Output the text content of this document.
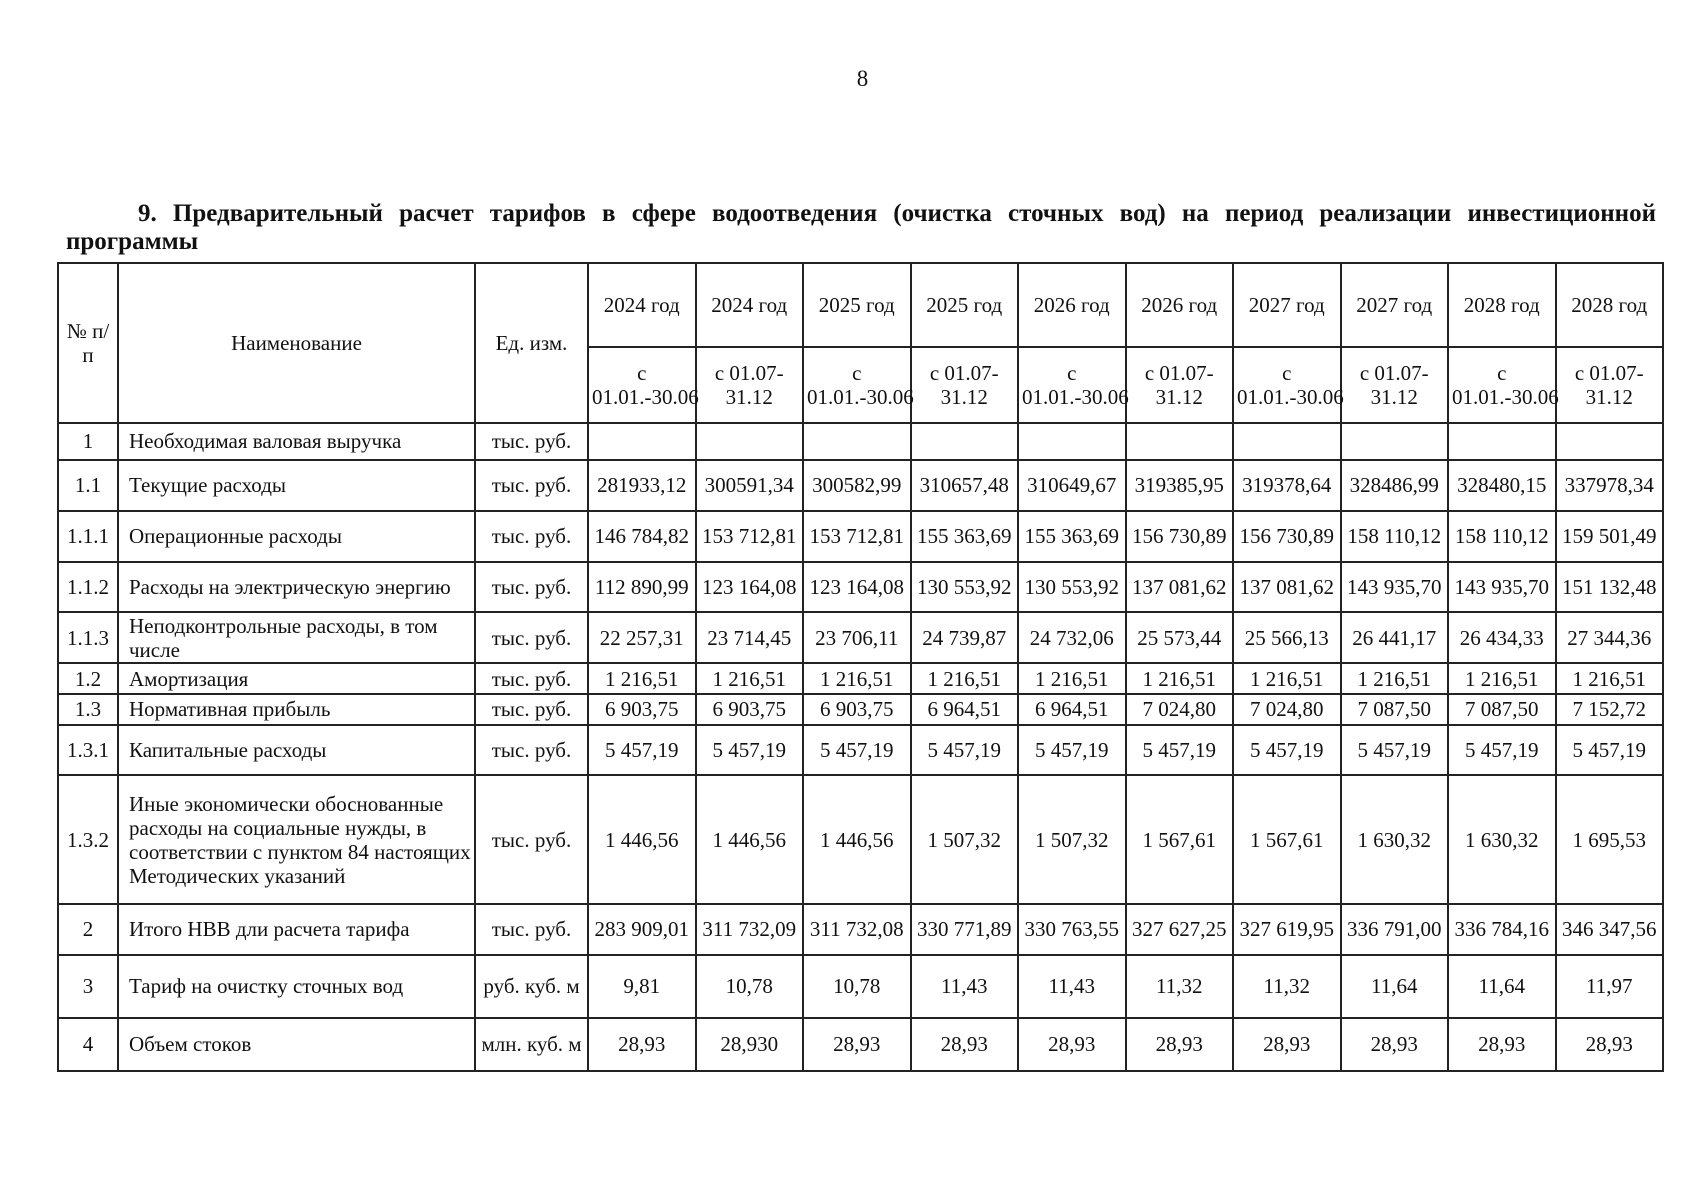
8
9. Предварительный расчет тарифов в сфере водоотведения (очистка сточных вод) на период реализации инвестиционной программы
№ п/п	Наименование	Ед. изм.	2024 год	2024 год	2025 год	2025 год	2026 год	2026 год	2027 год	2027 год	2028 год	2028 год
			с 01.01.-30.06	с 01.07-31.12	с 01.01.-30.06	с 01.07-31.12	с 01.01.-30.06	с 01.07-31.12	с 01.01.-30.06	с 01.07-31.12	с 01.01.-30.06	с 01.07-31.12
1	Необходимая валовая выручка	тыс. руб.										
1.1	Текущие расходы	тыс. руб.	281933,12	300591,34	300582,99	310657,48	310649,67	319385,95	319378,64	328486,99	328480,15	337978,34
1.1.1	Операционные расходы	тыс. руб.	146 784,82	153 712,81	153 712,81	155 363,69	155 363,69	156 730,89	156 730,89	158 110,12	158 110,12	159 501,49
1.1.2	Расходы на электрическую энергию	тыс. руб.	112 890,99	123 164,08	123 164,08	130 553,92	130 553,92	137 081,62	137 081,62	143 935,70	143 935,70	151 132,48
1.1.3	Неподконтрольные расходы, в том числе	тыс. руб.	22 257,31	23 714,45	23 706,11	24 739,87	24 732,06	25 573,44	25 566,13	26 441,17	26 434,33	27 344,36
1.2	Амортизация	тыс. руб.	1 216,51	1 216,51	1 216,51	1 216,51	1 216,51	1 216,51	1 216,51	1 216,51	1 216,51	1 216,51
1.3	Нормативная прибыль	тыс. руб.	6 903,75	6 903,75	6 903,75	6 964,51	6 964,51	7 024,80	7 024,80	7 087,50	7 087,50	7 152,72
1.3.1	Капитальные расходы	тыс. руб.	5 457,19	5 457,19	5 457,19	5 457,19	5 457,19	5 457,19	5 457,19	5 457,19	5 457,19	5 457,19
1.3.2	Иные экономически обоснованные расходы на социальные нужды, в соответствии с пунктом 84 настоящих Методических указаний	тыс. руб.	1 446,56	1 446,56	1 446,56	1 507,32	1 507,32	1 567,61	1 567,61	1 630,32	1 630,32	1 695,53
2	Итого НВВ дли расчета тарифа	тыс. руб.	283 909,01	311 732,09	311 732,08	330 771,89	330 763,55	327 627,25	327 619,95	336 791,00	336 784,16	346 347,56
3	Тариф на очистку сточных вод	руб. куб. м	9,81	10,78	10,78	11,43	11,43	11,32	11,32	11,64	11,64	11,97
4	Объем стоков	млн. куб. м	28,93	28,930	28,93	28,93	28,93	28,93	28,93	28,93	28,93	28,93
